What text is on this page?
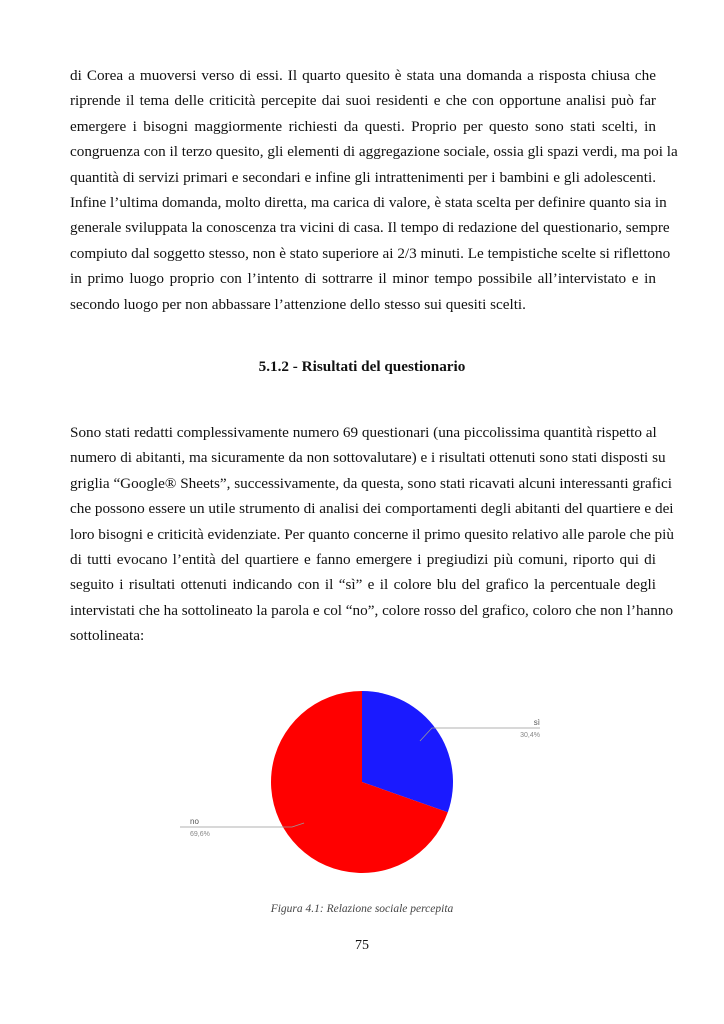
di Corea a muoversi verso di essi. Il quarto quesito è stata una domanda a risposta chiusa che
riprende il tema delle criticità percepite dai suoi residenti e che con opportune analisi può far
emergere i bisogni maggiormente richiesti da questi. Proprio per questo sono stati scelti, in
congruenza con il terzo quesito, gli elementi di aggregazione sociale, ossia gli spazi verdi, ma poi la
quantità di servizi primari e secondari e infine gli intrattenimenti per i bambini e gli adolescenti.
Infine l’ultima domanda, molto diretta, ma carica di valore, è stata scelta per definire quanto sia in
generale sviluppata la conoscenza tra vicini di casa. Il tempo di redazione del questionario, sempre
compiuto dal soggetto stesso, non è stato superiore ai 2/3 minuti. Le tempistiche scelte si riflettono
in primo luogo proprio con l’intento di sottrarre il minor tempo possibile all’intervistato e in
secondo luogo per non abbassare l’attenzione dello stesso sui quesiti scelti.
5.1.2 - Risultati del questionario
Sono stati redatti complessivamente numero 69 questionari (una piccolissima quantità rispetto al
numero di abitanti, ma sicuramente da non sottovalutare) e i risultati ottenuti sono stati disposti su
griglia “Google® Sheets”, successivamente, da questa, sono stati ricavati alcuni interessanti grafici
che possono essere un utile strumento di analisi dei comportamenti degli abitanti del quartiere e dei
loro bisogni e criticità evidenziate. Per quanto concerne il primo quesito relativo alle parole che più
di tutti evocano l’entità del quartiere e fanno emergere i pregiudizi più comuni, riporto qui di
seguito i risultati ottenuti indicando con il “sì” e il colore blu del grafico la percentuale degli
intervistati che ha sottolineato la parola e col “no”, colore rosso del grafico, coloro che non l’hanno
sottolineata:
sì
30,4%
no
69,6%

Figura 4.1: Relazione sociale percepita

75
